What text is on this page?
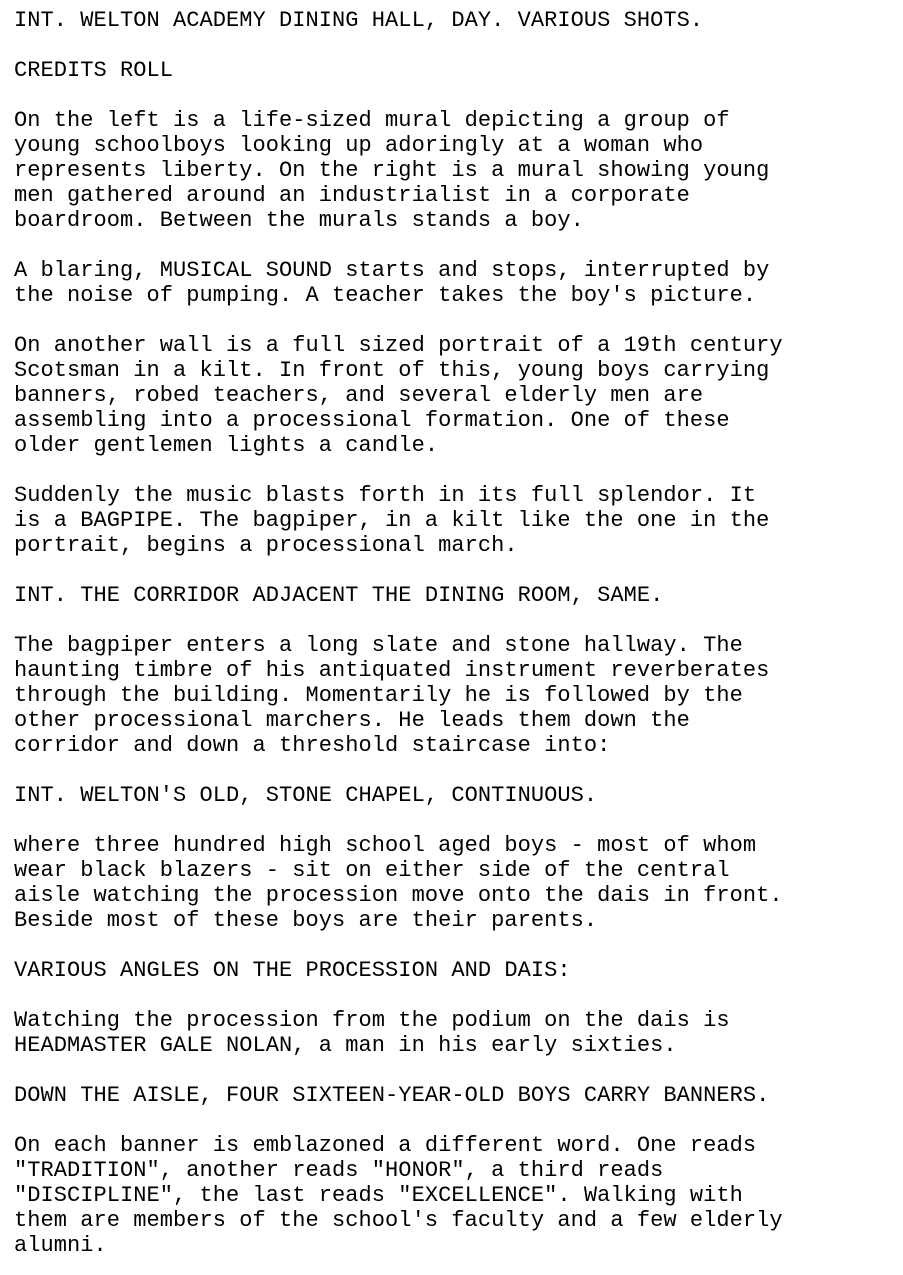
INT. WELTON ACADEMY DINING HALL, DAY. VARIOUS SHOTS.

CREDITS ROLL

On the left is a life-sized mural depicting a group of
young schoolboys looking up adoringly at a woman who
represents liberty. On the right is a mural showing young
men gathered around an industrialist in a corporate
boardroom. Between the murals stands a boy.

A blaring, MUSICAL SOUND starts and stops, interrupted by
the noise of pumping. A teacher takes the boy's picture.

On another wall is a full sized portrait of a 19th century
Scotsman in a kilt. In front of this, young boys carrying
banners, robed teachers, and several elderly men are
assembling into a processional formation. One of these
older gentlemen lights a candle.

Suddenly the music blasts forth in its full splendor. It
is a BAGPIPE. The bagpiper, in a kilt like the one in the
portrait, begins a processional march.

INT. THE CORRIDOR ADJACENT THE DINING ROOM, SAME.

The bagpiper enters a long slate and stone hallway. The
haunting timbre of his antiquated instrument reverberates
through the building. Momentarily he is followed by the
other processional marchers. He leads them down the
corridor and down a threshold staircase into:

INT. WELTON'S OLD, STONE CHAPEL, CONTINUOUS.

where three hundred high school aged boys - most of whom
wear black blazers - sit on either side of the central
aisle watching the procession move onto the dais in front.
Beside most of these boys are their parents.

VARIOUS ANGLES ON THE PROCESSION AND DAIS:

Watching the procession from the podium on the dais is
HEADMASTER GALE NOLAN, a man in his early sixties.

DOWN THE AISLE, FOUR SIXTEEN-YEAR-OLD BOYS CARRY BANNERS.

On each banner is emblazoned a different word. One reads
"TRADITION", another reads "HONOR", a third reads
"DISCIPLINE", the last reads "EXCELLENCE". Walking with
them are members of the school's faculty and a few elderly
alumni.
